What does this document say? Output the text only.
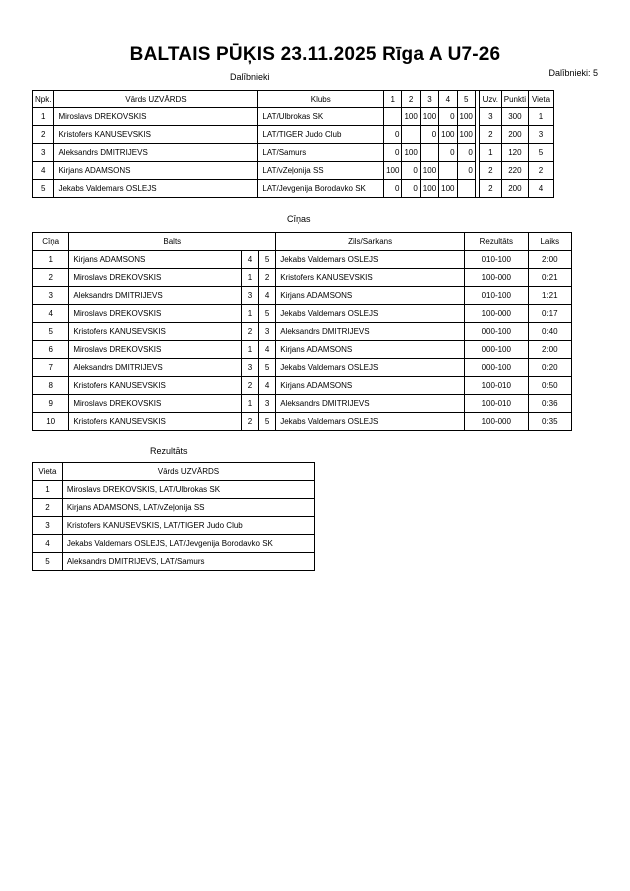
BALTAIS PŪĶIS 23.11.2025 Rīga A U7-26
Dalībnieki	Dalībnieki: 5
Npk.	Vārds UZVĀRDS	Klubs	1	2	3	4	5		Uzv.	Punkti	Vieta
1	Miroslavs DREKOVSKIS	LAT/Ulbrokas SK		100	100	0	100		3	300	1
2	Kristofers KANUSEVSKIS	LAT/TIGER Judo Club	0		0	100	100		2	200	3
3	Aleksandrs DMITRIJEVS	LAT/Samurs	0	100		0	0		1	120	5
4	Kirjans ADAMSONS	LAT/vZeļonija SS	100	0	100		0		2	220	2
5	Jekabs Valdemars OSLEJS	LAT/Jevgenija Borodavko SK	0	0	100	100			2	200	4
Cīņas
Cīņa	Balts			Zils/Sarkans	Rezultāts	Laiks
1	Kirjans ADAMSONS	4	5	Jekabs Valdemars OSLEJS	010-100	2:00
2	Miroslavs DREKOVSKIS	1	2	Kristofers KANUSEVSKIS	100-000	0:21
3	Aleksandrs DMITRIJEVS	3	4	Kirjans ADAMSONS	010-100	1:21
4	Miroslavs DREKOVSKIS	1	5	Jekabs Valdemars OSLEJS	100-000	0:17
5	Kristofers KANUSEVSKIS	2	3	Aleksandrs DMITRIJEVS	000-100	0:40
6	Miroslavs DREKOVSKIS	1	4	Kirjans ADAMSONS	000-100	2:00
7	Aleksandrs DMITRIJEVS	3	5	Jekabs Valdemars OSLEJS	000-100	0:20
8	Kristofers KANUSEVSKIS	2	4	Kirjans ADAMSONS	100-010	0:50
9	Miroslavs DREKOVSKIS	1	3	Aleksandrs DMITRIJEVS	100-010	0:36
10	Kristofers KANUSEVSKIS	2	5	Jekabs Valdemars OSLEJS	100-000	0:35
Rezultāts
Vieta	Vārds UZVĀRDS
1	Miroslavs DREKOVSKIS, LAT/Ulbrokas SK
2	Kirjans ADAMSONS, LAT/vZeļonija SS
3	Kristofers KANUSEVSKIS, LAT/TIGER Judo Club
4	Jekabs Valdemars OSLEJS, LAT/Jevgenija Borodavko SK
5	Aleksandrs DMITRIJEVS, LAT/Samurs
